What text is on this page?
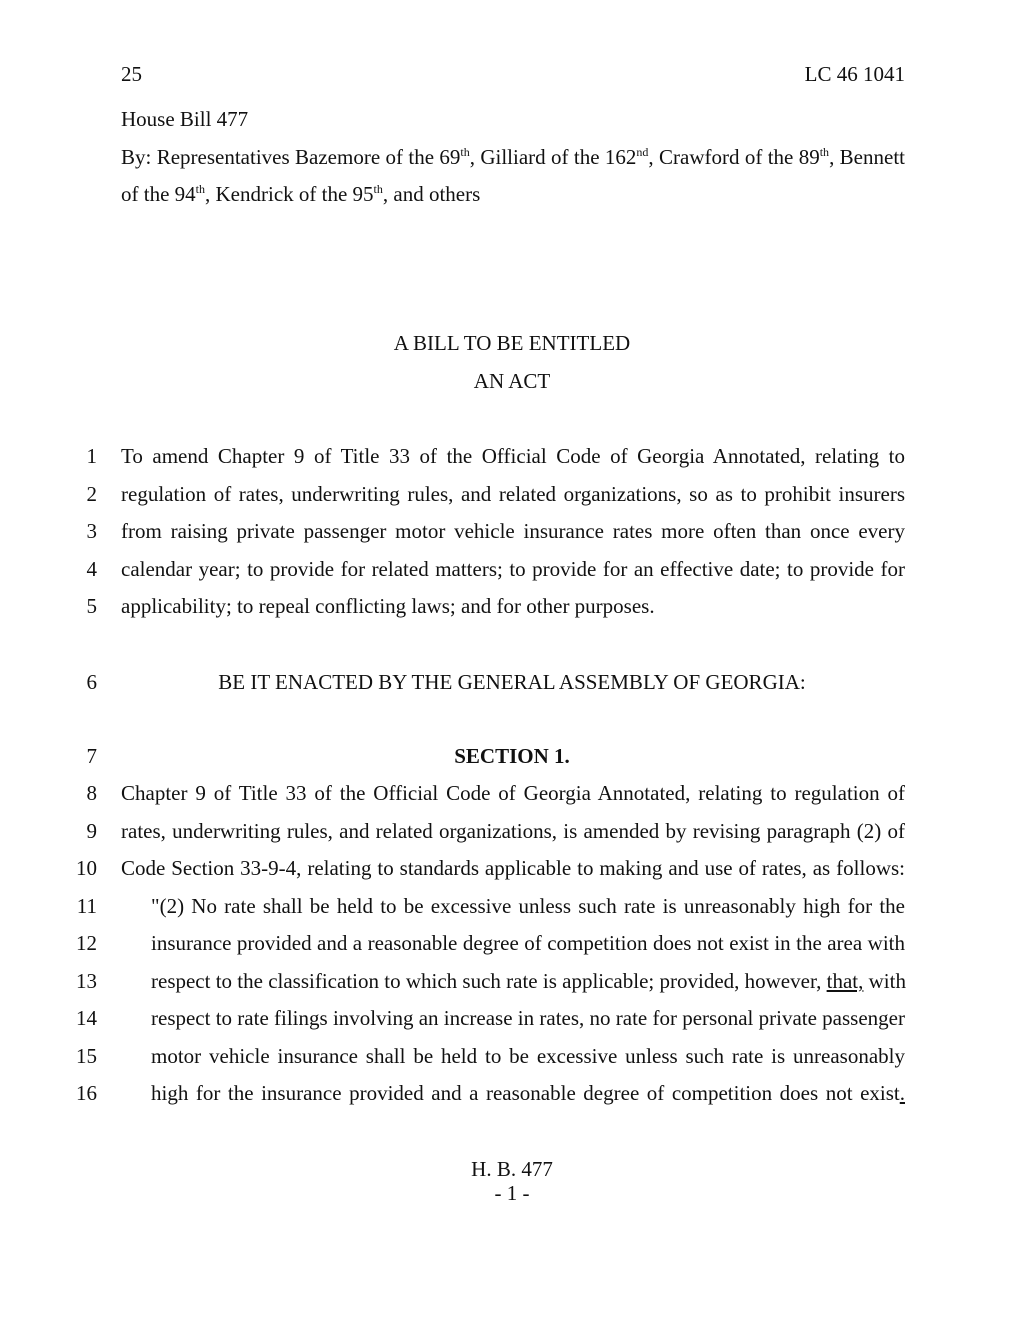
25	LC 46 1041
House Bill 477
By: Representatives Bazemore of the 69th, Gilliard of the 162nd, Crawford of the 89th, Bennett
of the 94th, Kendrick of the 95th, and others
A BILL TO BE ENTITLED
AN ACT
1 To amend Chapter 9 of Title 33 of the Official Code of Georgia Annotated, relating to
2 regulation of rates, underwriting rules, and related organizations, so as to prohibit insurers
3 from raising private passenger motor vehicle insurance rates more often than once every
4 calendar year; to provide for related matters; to provide for an effective date; to provide for
5 applicability; to repeal conflicting laws; and for other purposes.
6	BE IT ENACTED BY THE GENERAL ASSEMBLY OF GEORGIA:
7	SECTION 1.
8 Chapter 9 of Title 33 of the Official Code of Georgia Annotated, relating to regulation of
9 rates, underwriting rules, and related organizations, is amended by revising paragraph (2) of
10 Code Section 33-9-4, relating to standards applicable to making and use of rates, as follows:
11	"(2) No rate shall be held to be excessive unless such rate is unreasonably high for the
12	insurance provided and a reasonable degree of competition does not exist in the area with
13	respect to the classification to which such rate is applicable; provided, however, that, with
14	respect to rate filings involving an increase in rates, no rate for personal private passenger
15	motor vehicle insurance shall be held to be excessive unless such rate is unreasonably
16	high for the insurance provided and a reasonable degree of competition does not exist.
H. B. 477
- 1 -
